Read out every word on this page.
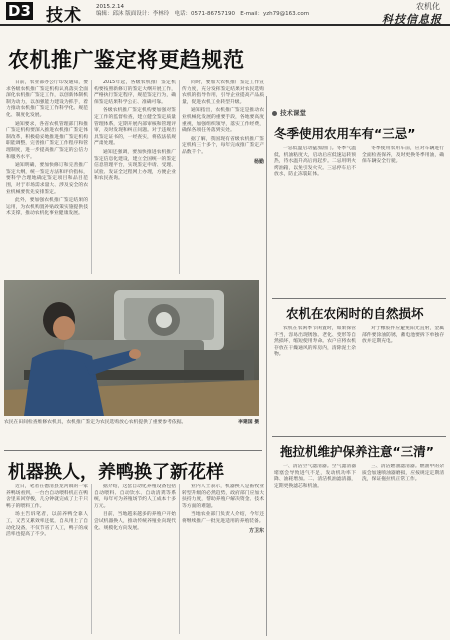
D3 技术	2015.2.14
编辑：邱沐 版面设计：李林玲 电话：0571-86757190 E-mail：yzh79@163.com
农机化
科技信息报
农机推广鉴定将更趋规范

日前，农业部办公厅印发通知，要求各级农机推广鉴定机构认真落实全面深化农机推广鉴定工作，以创新体制机制为动力，以加强能力建设为抓手，着力推动农机推广鉴定工作科学化、规范化、制度化发展。

通知要求，各省农机管理部门和推广鉴定机构要深入推进农机推广鉴定体制改革，积极稳妥地推进推广鉴定机构职能调整，完善推广鉴定工作程序和管理制度，进一步提高推广鉴定的公信力和服务水平。

通知明确，要加快修订和完善推广鉴定大纲，统一鉴定方法和评价指标，要科学合理地确定鉴定项目和品目范围，对于市场需求量大、涉及安全的农业机械要优先安排鉴定。

此外，要加强农机推广鉴定结果的运用，为农机购置补贴政策实施提供技术支撑，推动农机化事业健康发展。

2015年起，各级农机推广鉴定机构要按照新修订的鉴定大纲开展工作，严格执行鉴定程序，规范鉴定行为，确保鉴定结果科学公正、准确可靠。

各级农机推广鉴定机构要加强对鉴定工作的监督检查，建立健全鉴定质量管理体系，定期开展内部审核和管理评审，及时发现和纠正问题。对于违规出具鉴定证书的，一经查实，将依法依规严肃处理。

通知还强调，要加快推进农机推广鉴定信息化建设，建立全国统一的鉴定信息管理平台，实现鉴定申请、受理、试验、发证全过程网上办理，方便企业和农民查询。

同时，要加大农机推广鉴定工作宣传力度，充分发挥鉴定结果对农民选购农机的指导作用，引导企业提高产品质量，促进农机工业转型升级。

通知指出，农机推广鉴定是推动农业机械化发展的重要手段，各地要高度重视，加强组织领导，落实工作经费，确保各项任务落到实处。

据了解，我国现有省级农机推广鉴定机构三十多个，每年完成推广鉴定产品数千个。

杨勤
农民在田间检查维修农机具，农机推广鉴定为农民选购放心农机提供了重要参考依据。	李建国 摄
机器换人，养鸭换了新花样

近日，笔者在德清县龙河镇的一家养鸭场看到，一台台自动喂料机正在鸭舍里来回穿梭，几分钟就完成了上千只鸭子的喂料工作。

场主告诉笔者，以前养鸭全靠人工，又苦又累效率还低，自从用上了自动化设备，不仅节省了人工，鸭子的成活率也提高了不少。

据介绍，这套自动化养殖设备包括自动喂料、自动饮水、自动清粪等系统，每年可为养殖场节约人工成本十多万元。

目前，当地越来越多的养殖户开始尝试机器换人，推动传统养殖业向现代化、规模化方向发展。

业内人士表示，机器换人是畜牧业转型升级的必然趋势，政府部门应加大扶持力度，帮助养殖户解决资金、技术等方面的难题。

当地农业部门负责人介绍，今年还将继续推广一批先进适用的养殖装备。

方卫东
技术课堂
冬季使用农用车有“三忌”

一忌低温启动猛加油门。冬季气温低，机油粘度大，启动后应低速运转预热，待水温升高后再起步。二忌用明火烤油箱，以免引发火灾。三忌停车后不放水，防止冻裂缸体。

冬季使用农用车前，应对车辆进行全面检查保养，及时更换冬季用油，确保车辆安全行驶。

农机在农闲时的自然损坏

农机在农闲季节闲置时，如果保管不当，容易出现锈蚀、老化、变形等自然损坏，缩短使用寿命。农户应将农机存放在干燥通风的库房内，清除泥土杂物。

对于橡胶件应避免阳光直射，金属部件要涂油防锈，蓄电池要拆下单独存放并定期充电。

拖拉机维护保养注意“三清”

一、清洁空气滤清器。空气滤清器堵塞会导致进气不足，发动机功率下降、油耗增加。二、清洁机油滤清器，定期更换滤芯和机油。

三、清洁燃油滤清器。燃油中的杂质会加速喷油器磨损，应按规定定期清洗，保证拖拉机正常工作。
